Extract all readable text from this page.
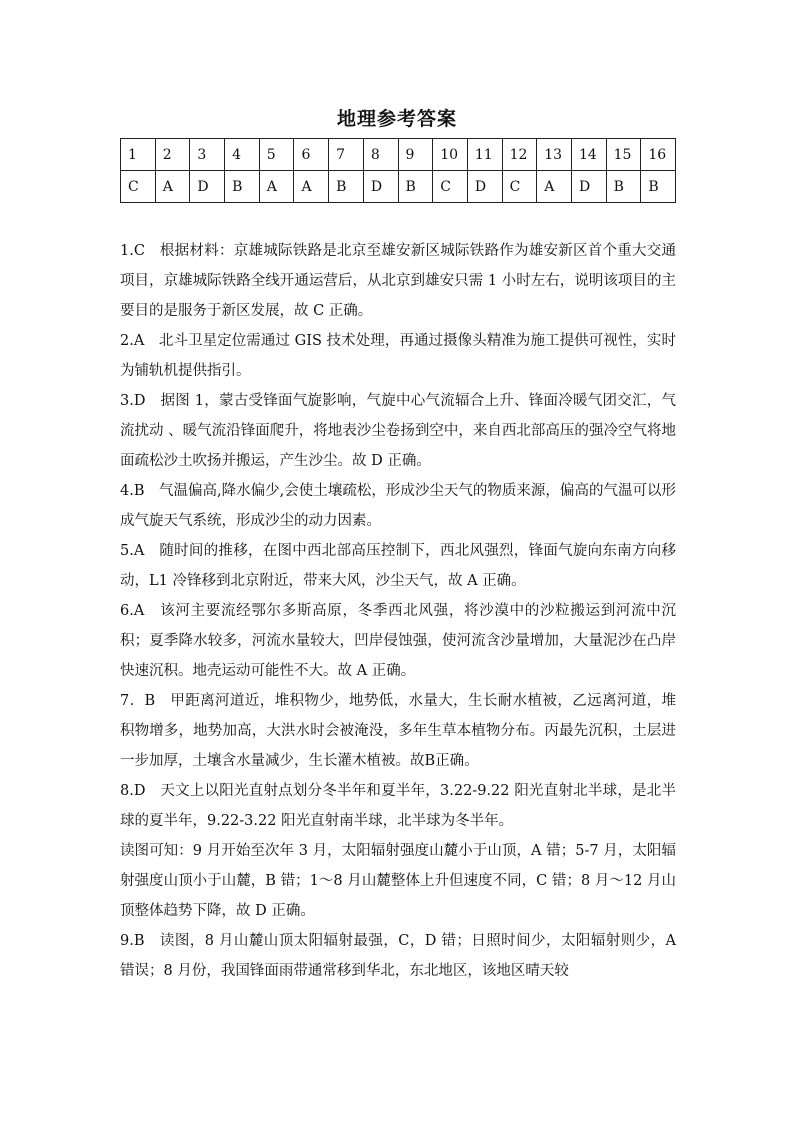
地理参考答案
1	2	3	4	5	6	7	8	9	10	11	12	13	14	15	16
C	A	D	B	A	A	B	D	B	C	D	C	A	D	B	B

1.C　根据材料：京雄城际铁路是北京至雄安新区城际铁路作为雄安新区首个重大交通项目，京雄城际铁路全线开通运营后，从北京到雄安只需 1 小时左右，说明该项目的主要目的是服务于新区发展，故 C 正确。

2.A　北斗卫星定位需通过 GIS 技术处理，再通过摄像头精准为施工提供可视性，实时为铺轨机提供指引。

3.D　据图 1，蒙古受锋面气旋影响，气旋中心气流辐合上升、锋面冷暖气团交汇，气流扰动 、暖气流沿锋面爬升，将地表沙尘卷扬到空中，来自西北部高压的强冷空气将地面疏松沙土吹扬并搬运，产生沙尘。故 D 正确。

4.B　气温偏高,降水偏少,会使土壤疏松，形成沙尘天气的物质来源，偏高的气温可以形成气旋天气系统，形成沙尘的动力因素。

5.A　随时间的推移，在图中西北部高压控制下，西北风强烈，锋面气旋向东南方向移动，L1 冷锋移到北京附近，带来大风，沙尘天气，故 A 正确。

6.A　该河主要流经鄂尔多斯高原，冬季西北风强，将沙漠中的沙粒搬运到河流中沉积；夏季降水较多，河流水量较大，凹岸侵蚀强，使河流含沙量增加，大量泥沙在凸岸快速沉积。地壳运动可能性不大。故 A 正确。

7．B　甲距离河道近，堆积物少，地势低，水量大，生长耐水植被，乙远离河道，堆积物增多，地势加高，大洪水时会被淹没，多年生草本植物分布。丙最先沉积，土层进一步加厚，土壤含水量减少，生长灌木植被。故B正确。

8.D　天文上以阳光直射点划分冬半年和夏半年，3.22-9.22 阳光直射北半球，是北半球的夏半年，9.22-3.22 阳光直射南半球，北半球为冬半年。

读图可知：9 月开始至次年 3 月，太阳辐射强度山麓小于山顶，A 错；5-7 月，太阳辐射强度山顶小于山麓，B 错；1～8 月山麓整体上升但速度不同，C 错；8 月～12 月山顶整体趋势下降，故 D 正确。

9.B　读图，8 月山麓山顶太阳辐射最强，C，D 错；日照时间少，太阳辐射则少，A 错误；8 月份，我国锋面雨带通常移到华北，东北地区，该地区晴天较
